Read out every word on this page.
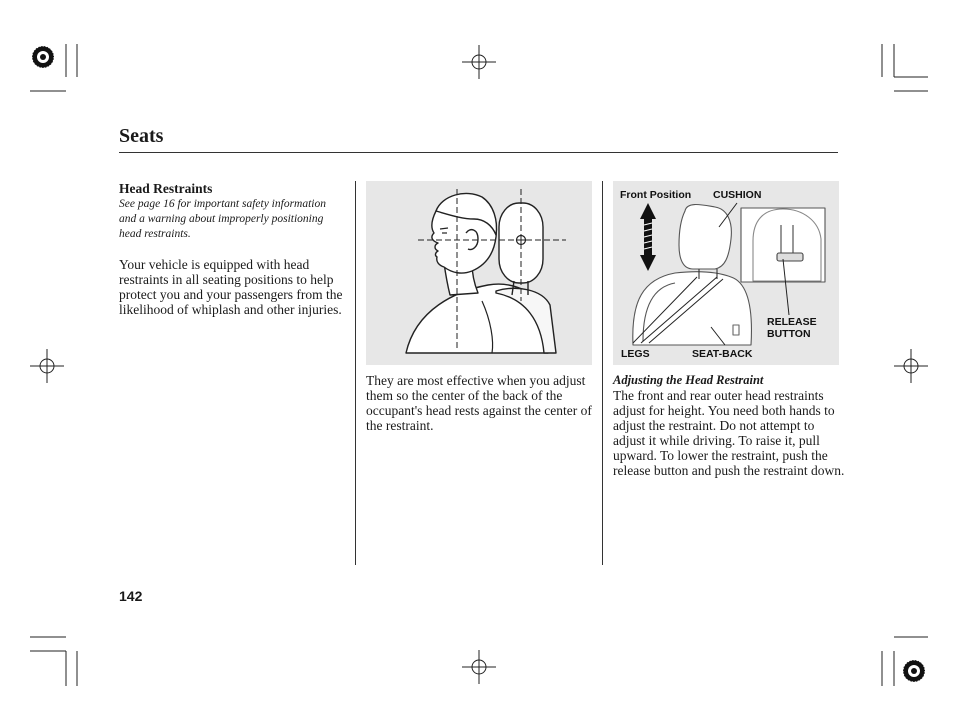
Seats
Head Restraints
See page 16 for important safety information and a warning about improperly positioning head restraints.
Your vehicle is equipped with head restraints in all seating positions to help protect you and your passengers from the likelihood of whiplash and other injuries.
They are most effective when you adjust them so the center of the back of the occupant's head rests against the center of the restraint.
Front Position CUSHION
RELEASE
BUTTON
LEGS	SEAT-BACK
Adjusting the Head Restraint
The front and rear outer head restraints adjust for height. You need both hands to adjust the restraint. Do not attempt to adjust it while driving. To raise it, pull upward. To lower the restraint, push the release button and push the restraint down.
142
